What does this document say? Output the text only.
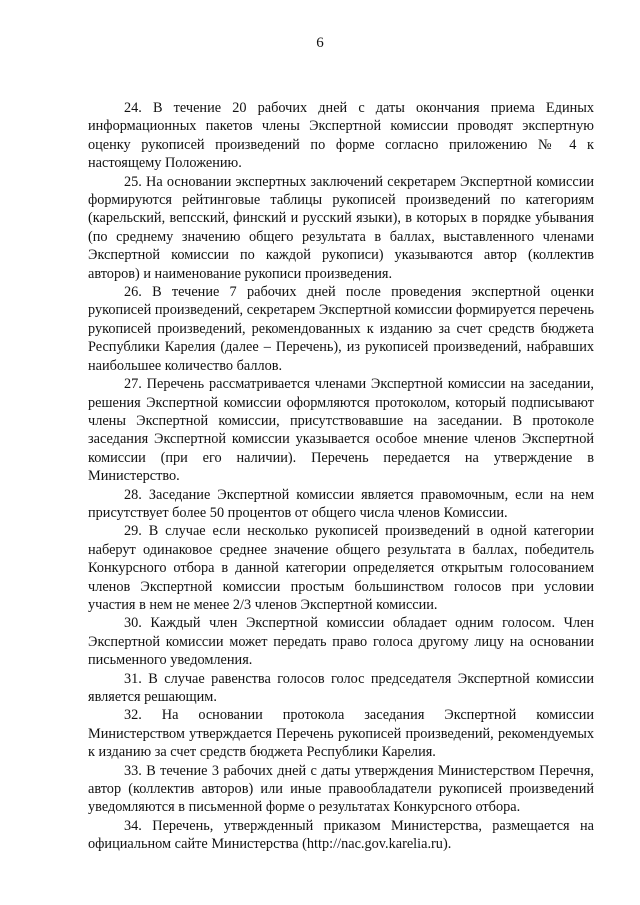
6

24. В течение 20 рабочих дней с даты окончания приема Единых информационных пакетов члены Экспертной комиссии проводят экспертную оценку рукописей произведений по форме согласно приложению № 4 к настоящему Положению.

25. На основании экспертных заключений секретарем Экспертной комиссии формируются рейтинговые таблицы рукописей произведений по категориям (карельский, вепсский, финский и русский языки), в которых в порядке убывания (по среднему значению общего результата в баллах, выставленного членами Экспертной комиссии по каждой рукописи) указываются автор (коллектив авторов) и наименование рукописи произведения.

26. В течение 7 рабочих дней после проведения экспертной оценки рукописей произведений, секретарем Экспертной комиссии формируется перечень рукописей произведений, рекомендованных к изданию за счет средств бюджета Республики Карелия (далее – Перечень), из рукописей произведений, набравших наибольшее количество баллов.

27. Перечень рассматривается членами Экспертной комиссии на заседании, решения Экспертной комиссии оформляются протоколом, который подписывают члены Экспертной комиссии, присутствовавшие на заседании. В протоколе заседания Экспертной комиссии указывается особое мнение членов Экспертной комиссии (при его наличии). Перечень передается на утверждение в Министерство.

28. Заседание Экспертной комиссии является правомочным, если на нем присутствует более 50 процентов от общего числа членов Комиссии.

29. В случае если несколько рукописей произведений в одной категории наберут одинаковое среднее значение общего результата в баллах, победитель Конкурсного отбора в данной категории определяется открытым голосованием членов Экспертной комиссии простым большинством голосов при условии участия в нем не менее 2/3 членов Экспертной комиссии.

30. Каждый член Экспертной комиссии обладает одним голосом. Член Экспертной комиссии может передать право голоса другому лицу на основании письменного уведомления.

31. В случае равенства голосов голос председателя Экспертной комиссии является решающим.

32. На основании протокола заседания Экспертной комиссии Министерством утверждается Перечень рукописей произведений, рекомендуемых к изданию за счет средств бюджета Республики Карелия.

33. В течение 3 рабочих дней с даты утверждения Министерством Перечня, автор (коллектив авторов) или иные правообладатели рукописей произведений уведомляются в письменной форме о результатах Конкурсного отбора.

34. Перечень, утвержденный приказом Министерства, размещается на официальном сайте Министерства (http://nac.gov.karelia.ru).
